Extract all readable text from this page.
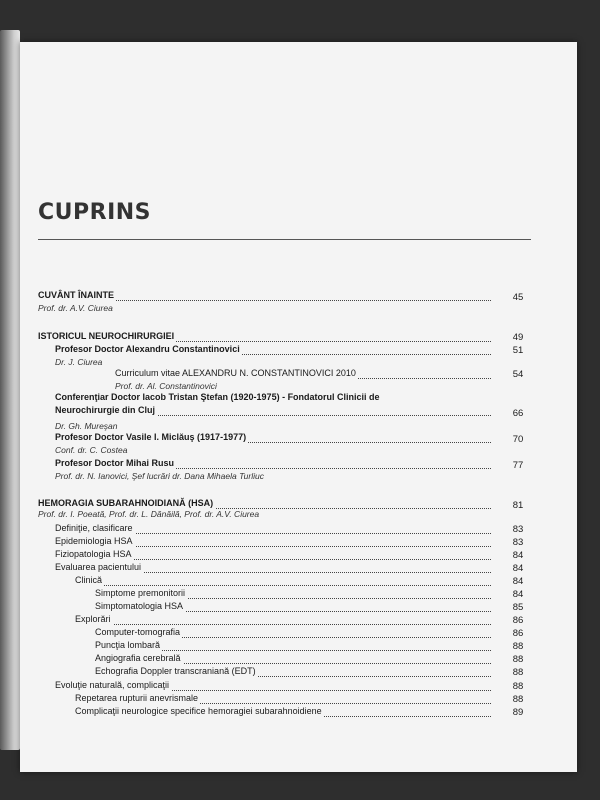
CUPRINS
CUVÂNT ÎNAINTE	45
Prof. dr. A.V. Ciurea
ISTORICUL NEUROCHIRURGIEI	49
Profesor Doctor Alexandru Constantinovici	51
Dr. J. Ciurea
Curriculum vitae ALEXANDRU N. CONSTANTINOVICI 2010	54
Prof. dr. Al. Constantinovici
Conferenţiar Doctor Iacob Tristan Ştefan (1920-1975) - Fondatorul Clinicii de
Neurochirurgie din Cluj	66
Dr. Gh. Mureşan
Profesor Doctor Vasile I. Miclăuş (1917-1977)	70
Conf. dr. C. Costea
Profesor Doctor Mihai Rusu	77
Prof. dr. N. Ianovici, Şef lucrări dr. Dana Mihaela Turliuc
HEMORAGIA SUBARAHNOIDIANĂ (HSA)	81
Prof. dr. I. Poeată, Prof. dr. L. Dănăilă, Prof. dr. A.V. Ciurea
Definiţie, clasificare	83
Epidemiologia HSA	83
Fiziopatologia HSA	84
Evaluarea pacientului	84
Clinică	84
Simptome premonitorii	84
Simptomatologia HSA	85
Explorări	86
Computer-tomografia	86
Puncţia lombară	88
Angiografia cerebrală	88
Echografia Doppler transcraniană (EDT)	88
Evoluţie naturală, complicaţii	88
Repetarea rupturii anevrismale	88
Complicaţii neurologice specifice hemoragiei subarahnoidiene	89
